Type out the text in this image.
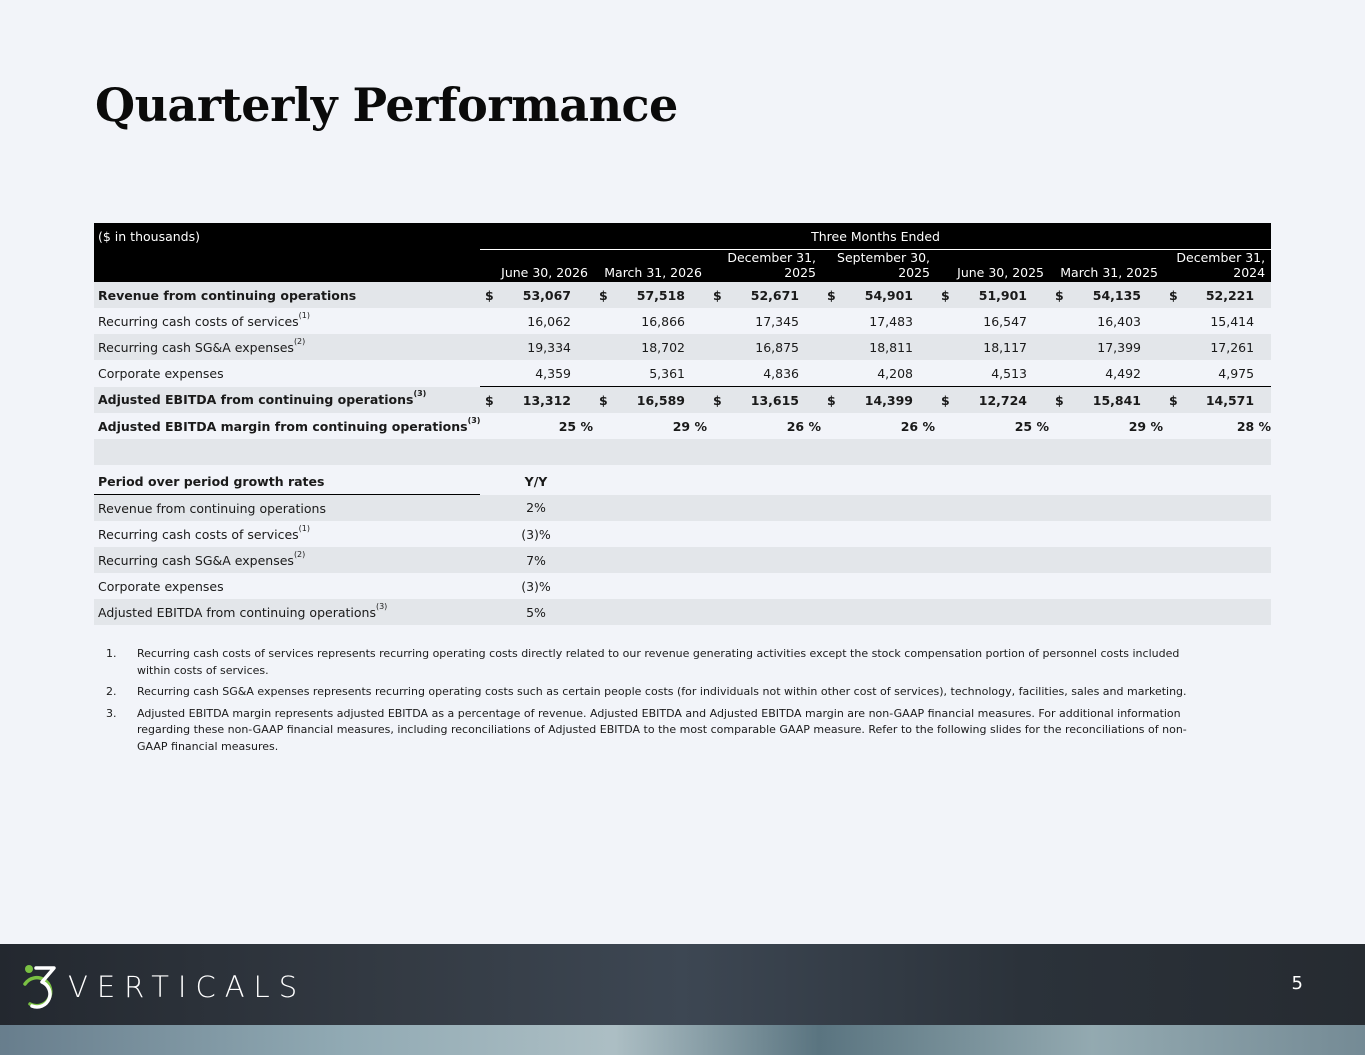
Quarterly Performance
($ in thousands)	Three Months Ended						
	June 30, 2026	March 31, 2026	December 31, 2025	September 30, 2025	June 30, 2025	March 31, 2025	December 31, 2024
Revenue from continuing operations	$ 53,067	$ 57,518	$ 52,671	$ 54,901	$ 51,901	$ 54,135	$ 52,221
Recurring cash costs of services$^{(1)}$	16,062	16,866	17,345	17,483	16,547	16,403	15,414
Recurring cash SG&A expenses$^{(2)}$	19,334	18,702	16,875	18,811	18,117	17,399	17,261
Corporate expenses	4,359	5,361	4,836	4,208	4,513	4,492	4,975
Adjusted EBITDA from continuing operations$^{(3)}$	$ 13,312	$ 16,589	$ 13,615	$ 14,399	$ 12,724	$ 15,841	$ 14,571
Adjusted EBITDA margin from continuing operations$^{(3)}$	25 %	29 %	26 %	26 %	25 %	29 %	28 %

Period over period growth rates	Y/Y	
Revenue from continuing operations	2%	
Recurring cash costs of services$^{(1)}$	(3)%	
Recurring cash SG&A expenses$^{(2)}$	7%	
Corporate expenses	(3)%	
Adjusted EBITDA from continuing operations$^{(3)}$	5%	
1.	Recurring cash costs of services represents recurring operating costs directly related to our revenue generating activities except the stock compensation portion of personnel costs included within costs of services.
2.	Recurring cash SG&A expenses represents recurring operating costs such as certain people costs (for individuals not within other cost of services), technology, facilities, sales and marketing.
3.	Adjusted EBITDA margin represents adjusted EBITDA as a percentage of revenue. Adjusted EBITDA and Adjusted EBITDA margin are non-GAAP financial measures. For additional information regarding these non-GAAP financial measures, including reconciliations of Adjusted EBITDA to the most comparable GAAP measure. Refer to the following slides for the reconciliations of non-GAAP financial measures.
VERTICALS	5
